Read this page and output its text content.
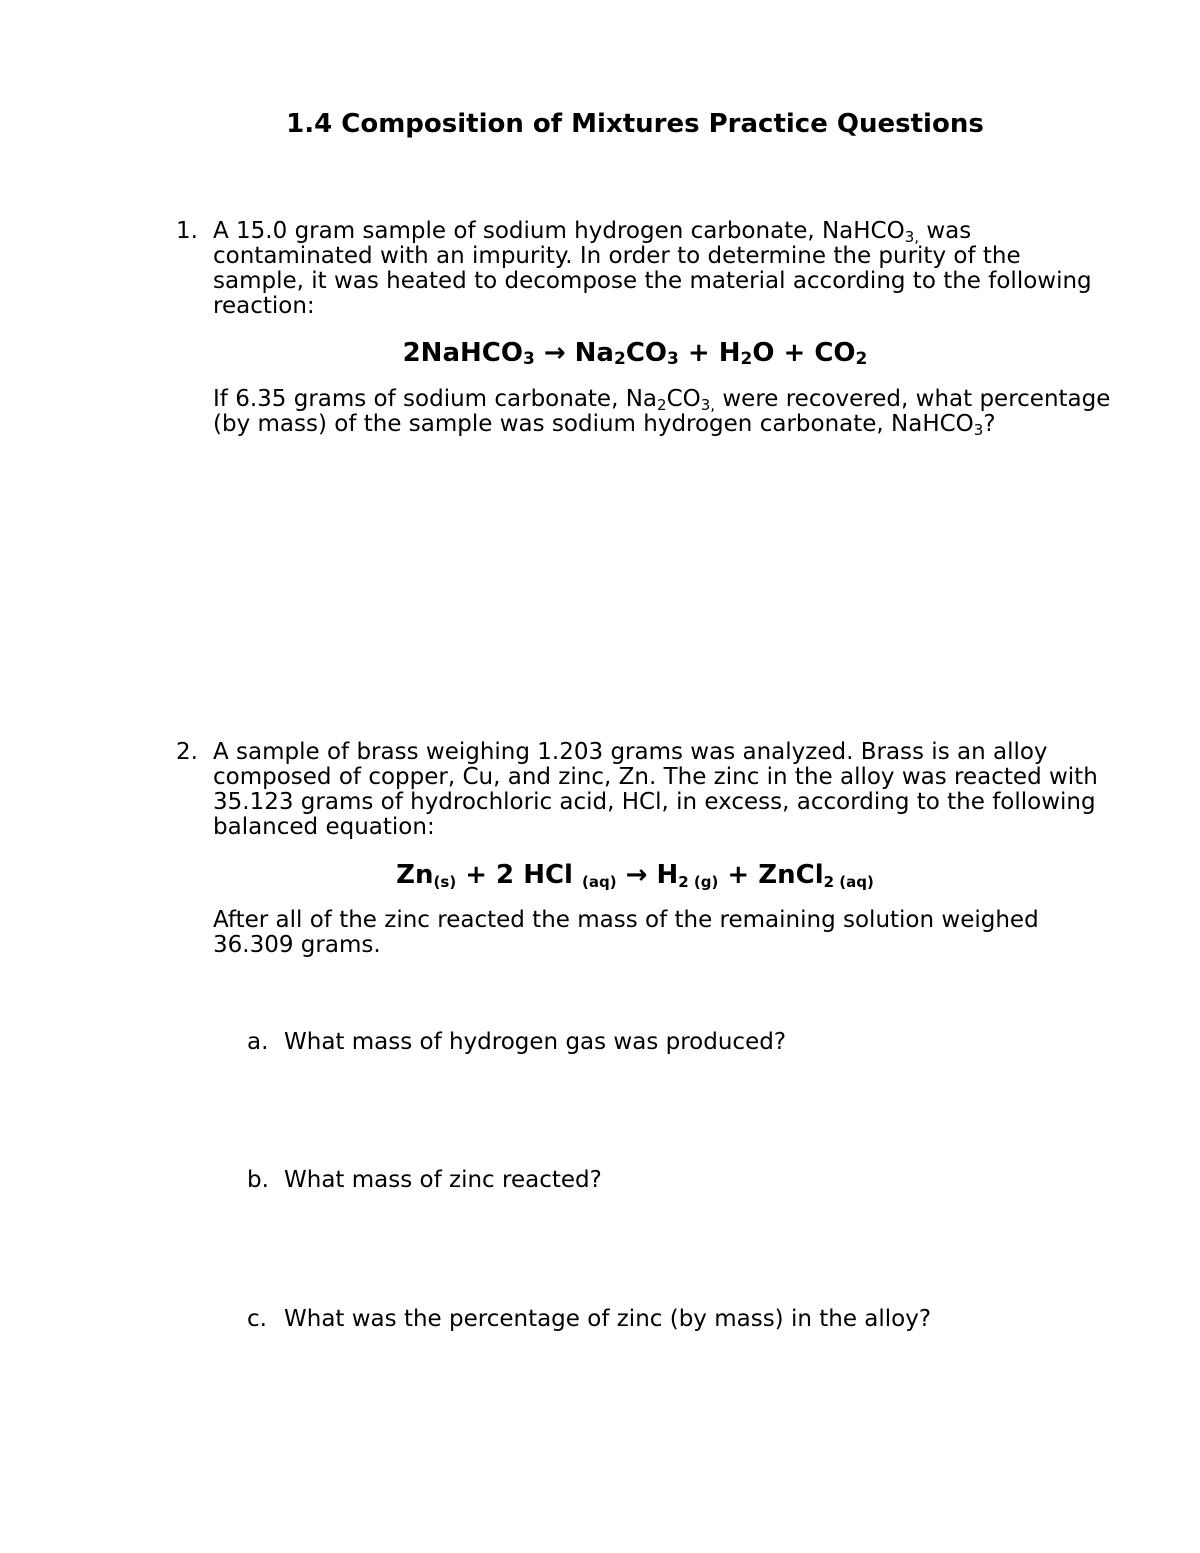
1.4 Composition of Mixtures Practice Questions
1. A 15.0 gram sample of sodium hydrogen carbonate, NaHCO$_{3,}$ was
contaminated with an impurity. In order to determine the purity of the
sample, it was heated to decompose the material according to the following
reaction:
2NaHCO$_3$ → $Na_2CO_3 + H_2O + CO_2$
If 6.35 grams of sodium carbonate, $Na_2CO_{3,}$ were recovered, what percentage
(by mass) of the sample was sodium hydrogen carbonate, NaHCO$_3$?
2. A sample of brass weighing 1.203 grams was analyzed. Brass is an alloy
composed of copper, Cu, and zinc, Zn. The zinc in the alloy was reacted with
35.123 grams of hydrochloric acid, HCl, in excess, according to the following
balanced equation:
Zn(s) + 2 HCl (aq) → H2 (g) + ZnCl2 (aq)
After all of the zinc reacted the mass of the remaining solution weighed
36.309 grams.
a. What mass of hydrogen gas was produced?
b. What mass of zinc reacted?
c. What was the percentage of zinc (by mass) in the alloy?
